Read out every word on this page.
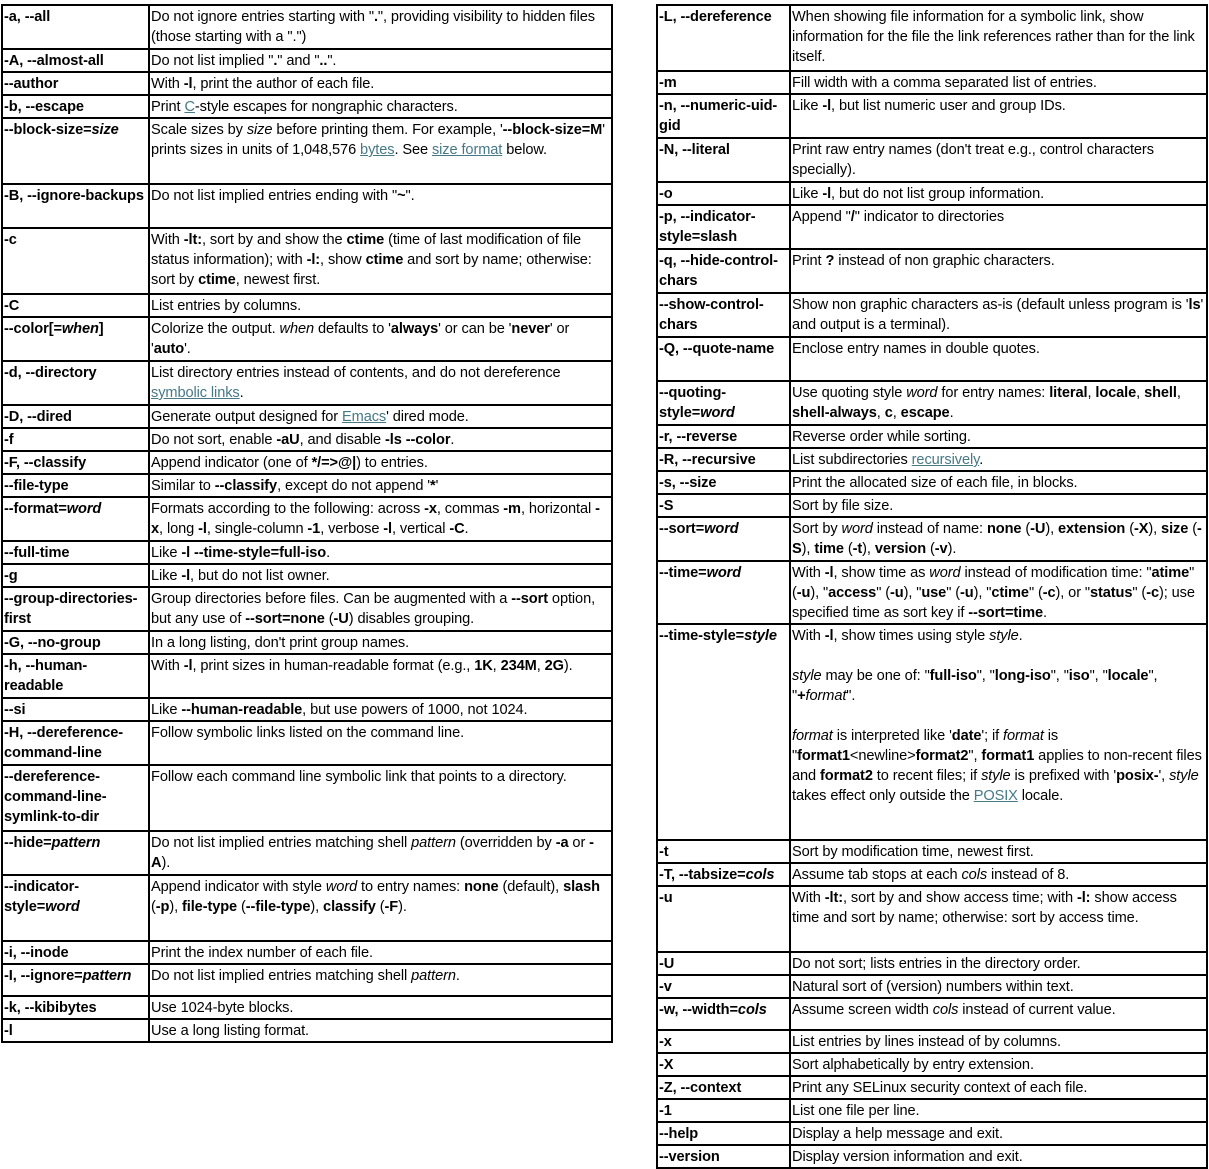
-a, --all	Do not ignore entries starting with ".", providing visibility to hidden files (those starting with a ".")
-A, --almost-all	Do not list implied "." and "..".
--author	With -l, print the author of each file.
-b, --escape	Print C-style escapes for nongraphic characters.
--block-size=size	Scale sizes by size before printing them. For example, '--block-size=M' prints sizes in units of 1,048,576 bytes. See size format below.
-B, --ignore-backups	Do not list implied entries ending with "~".
-c	With -lt:, sort by and show the ctime (time of last modification of file status information); with -l:, show ctime and sort by name; otherwise: sort by ctime, newest first.
-C	List entries by columns.
--color[=when]	Colorize the output. when defaults to 'always' or can be 'never' or 'auto'.
-d, --directory	List directory entries instead of contents, and do not dereference symbolic links.
-D, --dired	Generate output designed for Emacs' dired mode.
-f	Do not sort, enable -aU, and disable -ls --color.
-F, --classify	Append indicator (one of */=>@|) to entries.
--file-type	Similar to --classify, except do not append '*'
--format=word	Formats according to the following: across -x, commas -m, horizontal -x, long -l, single-column -1, verbose -l, vertical -C.
--full-time	Like -l --time-style=full-iso.
-g	Like -l, but do not list owner.
--group-directories-first	Group directories before files. Can be augmented with a --sort option, but any use of --sort=none (-U) disables grouping.
-G, --no-group	In a long listing, don't print group names.
-h, --human-readable	With -l, print sizes in human-readable format (e.g., 1K, 234M, 2G).
--si	Like --human-readable, but use powers of 1000, not 1024.
-H, --dereference-command-line	Follow symbolic links listed on the command line.
--dereference-command-line-symlink-to-dir	Follow each command line symbolic link that points to a directory.
--hide=pattern	Do not list implied entries matching shell pattern (overridden by -a or -A).
--indicator-style=word	Append indicator with style word to entry names: none (default), slash (-p), file-type (--file-type), classify (-F).
-i, --inode	Print the index number of each file.
-I, --ignore=pattern	Do not list implied entries matching shell pattern.
-k, --kibibytes	Use 1024-byte blocks.
-l	Use a long listing format.
-L, --dereference	When showing file information for a symbolic link, show information for the file the link references rather than for the link itself.
-m	Fill width with a comma separated list of entries.
-n, --numeric-uid-gid	Like -l, but list numeric user and group IDs.
-N, --literal	Print raw entry names (don't treat e.g., control characters specially).
-o	Like -l, but do not list group information.
-p, --indicator-style=slash	Append "/" indicator to directories
-q, --hide-control-chars	Print ? instead of non graphic characters.
--show-control-chars	Show non graphic characters as-is (default unless program is 'ls' and output is a terminal).
-Q, --quote-name	Enclose entry names in double quotes.
--quoting-style=word	Use quoting style word for entry names: literal, locale, shell, shell-always, c, escape.
-r, --reverse	Reverse order while sorting.
-R, --recursive	List subdirectories recursively.
-s, --size	Print the allocated size of each file, in blocks.
-S	Sort by file size.
--sort=word	Sort by word instead of name: none (-U), extension (-X), size (-S), time (-t), version (-v).
--time=word	With -l, show time as word instead of modification time: "atime" (-u), "access" (-u), "use" (-u), "ctime" (-c), or "status" (-c); use specified time as sort key if --sort=time.
--time-style=style	With -l, show times using style style.

style may be one of: "full-iso", "long-iso", "iso", "locale", "+format".

format is interpreted like 'date'; if format is "format1<newline>format2", format1 applies to non-recent files and format2 to recent files; if style is prefixed with 'posix-', style takes effect only outside the POSIX locale.
-t	Sort by modification time, newest first.
-T, --tabsize=cols	Assume tab stops at each cols instead of 8.
-u	With -lt:, sort by and show access time; with -l: show access time and sort by name; otherwise: sort by access time.
-U	Do not sort; lists entries in the directory order.
-v	Natural sort of (version) numbers within text.
-w, --width=cols	Assume screen width cols instead of current value.
-x	List entries by lines instead of by columns.
-X	Sort alphabetically by entry extension.
-Z, --context	Print any SELinux security context of each file.
-1	List one file per line.
--help	Display a help message and exit.
--version	Display version information and exit.
